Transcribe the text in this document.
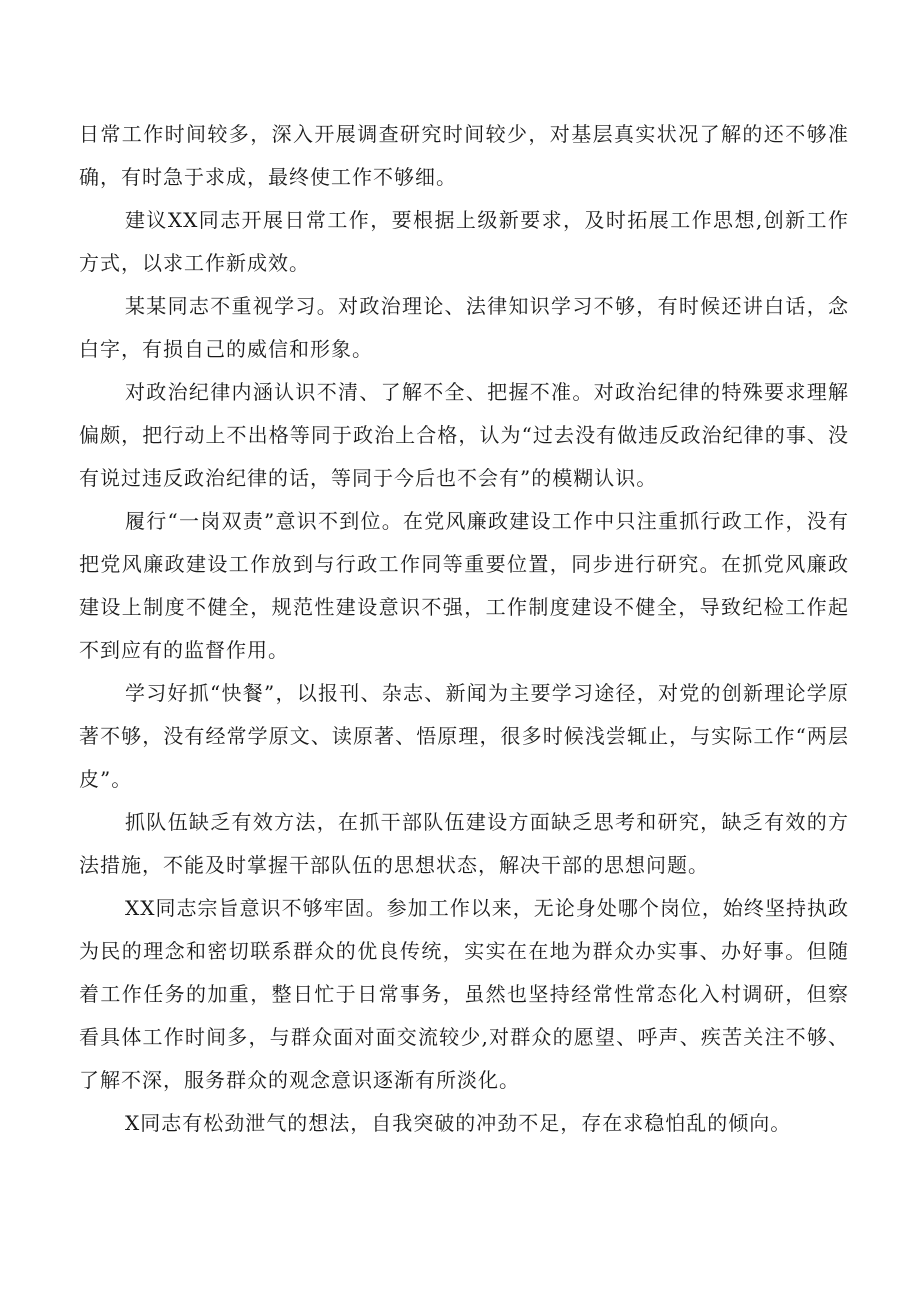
日常工作时间较多，深入开展调查研究时间较少，对基层真实状况了解的还不够准确，有时急于求成，最终使工作不够细。

建议XX同志开展日常工作，要根据上级新要求，及时拓展工作思想,创新工作方式，以求工作新成效。

某某同志不重视学习。对政治理论、法律知识学习不够，有时候还讲白话，念白字，有损自己的威信和形象。

对政治纪律内涵认识不清、了解不全、把握不准。对政治纪律的特殊要求理解偏颇，把行动上不出格等同于政治上合格，认为“过去没有做违反政治纪律的事、没有说过违反政治纪律的话，等同于今后也不会有”的模糊认识。

履行“一岗双责”意识不到位。在党风廉政建设工作中只注重抓行政工作，没有把党风廉政建设工作放到与行政工作同等重要位置，同步进行研究。在抓党风廉政建设上制度不健全，规范性建设意识不强，工作制度建设不健全，导致纪检工作起不到应有的监督作用。

学习好抓“快餐”，以报刊、杂志、新闻为主要学习途径，对党的创新理论学原著不够，没有经常学原文、读原著、悟原理，很多时候浅尝辄止，与实际工作“两层皮”。

抓队伍缺乏有效方法，在抓干部队伍建设方面缺乏思考和研究，缺乏有效的方法措施，不能及时掌握干部队伍的思想状态，解决干部的思想问题。

XX同志宗旨意识不够牢固。参加工作以来，无论身处哪个岗位，始终坚持执政为民的理念和密切联系群众的优良传统，实实在在地为群众办实事、办好事。但随着工作任务的加重，整日忙于日常事务，虽然也坚持经常性常态化入村调研，但察看具体工作时间多，与群众面对面交流较少,对群众的愿望、呼声、疾苦关注不够、了解不深，服务群众的观念意识逐渐有所淡化。

X同志有松劲泄气的想法，自我突破的冲劲不足，存在求稳怕乱的倾向。
